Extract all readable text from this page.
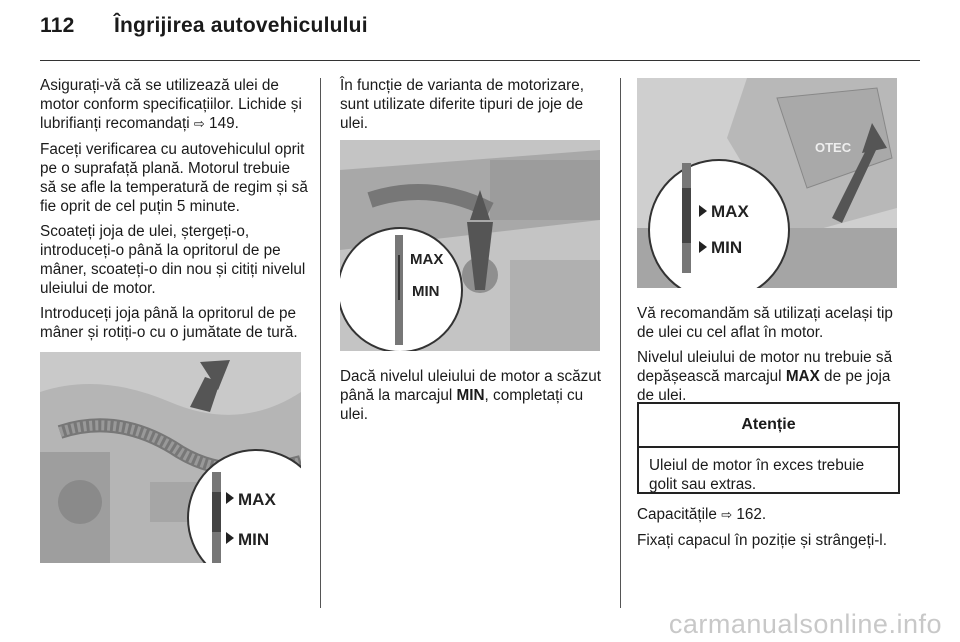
112 Îngrijirea autovehiculului

Asigurați-vă că se utilizează ulei de motor conform specificațiilor. Lichide și lubrifianți recomandați ⇨ 149.

Faceți verificarea cu autovehiculul oprit pe o suprafață plană. Motorul trebuie să se afle la temperatură de regim și să fie oprit de cel puțin 5 minute.

Scoateți joja de ulei, ștergeți-o, introduceți-o până la opritorul de pe mâner, scoateți-o din nou și citiți nivelul uleiului de motor.

Introduceți joja până la opritorul de pe mâner și rotiți-o cu o jumătate de tură.

MAX
MIN

În funcție de varianta de motorizare, sunt utilizate diferite tipuri de joje de ulei.

MAX
MIN

Dacă nivelul uleiului de motor a scăzut până la marcajul MIN, completați cu ulei.

OTEC
MAX
MIN

Vă recomandăm să utilizați același tip de ulei cu cel aflat în motor.

Nivelul uleiului de motor nu trebuie să depășească marcajul MAX de pe joja de ulei.

Atenție
Uleiul de motor în exces trebuie golit sau extras.

Capacitățile ⇨ 162.

Fixați capacul în poziție și strângeți-l.

carmanualsonline.info
